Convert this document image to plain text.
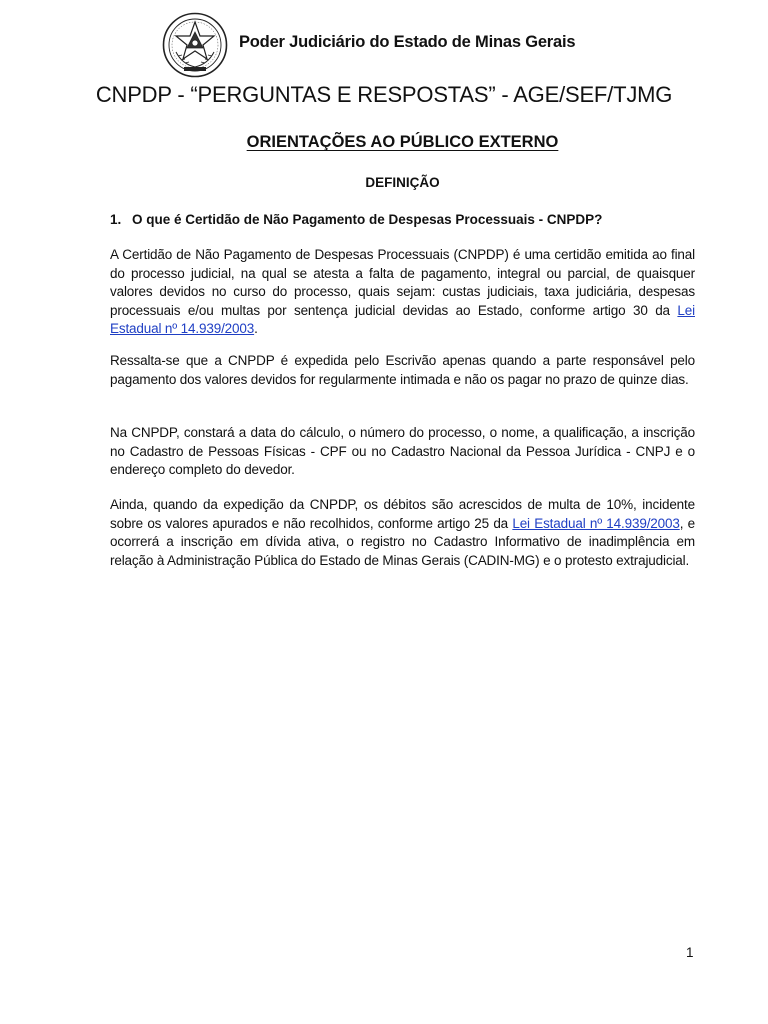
Poder Judiciário do Estado de Minas Gerais
CNPDP - “PERGUNTAS E RESPOSTAS” - AGE/SEF/TJMG
ORIENTAÇÕES AO PÚBLICO EXTERNO
DEFINIÇÃO
1. O que é Certidão de Não Pagamento de Despesas Processuais - CNPDP?

A Certidão de Não Pagamento de Despesas Processuais (CNPDP) é uma certidão emitida ao final do processo judicial, na qual se atesta a falta de pagamento, integral ou parcial, de quaisquer valores devidos no curso do processo, quais sejam: custas judiciais, taxa judiciária, despesas processuais e/ou multas por sentença judicial devidas ao Estado, conforme artigo 30 da Lei Estadual nº 14.939/2003.

Ressalta-se que a CNPDP é expedida pelo Escrivão apenas quando a parte responsável pelo pagamento dos valores devidos for regularmente intimada e não os pagar no prazo de quinze dias.

Na CNPDP, constará a data do cálculo, o número do processo, o nome, a qualificação, a inscrição no Cadastro de Pessoas Físicas - CPF ou no Cadastro Nacional da Pessoa Jurídica - CNPJ e o endereço completo do devedor.

Ainda, quando da expedição da CNPDP, os débitos são acrescidos de multa de 10%, incidente sobre os valores apurados e não recolhidos, conforme artigo 25 da Lei Estadual nº 14.939/2003, e ocorrerá a inscrição em dívida ativa, o registro no Cadastro Informativo de inadimplência em relação à Administração Pública do Estado de Minas Gerais (CADIN-MG) e o protesto extrajudicial.

1
